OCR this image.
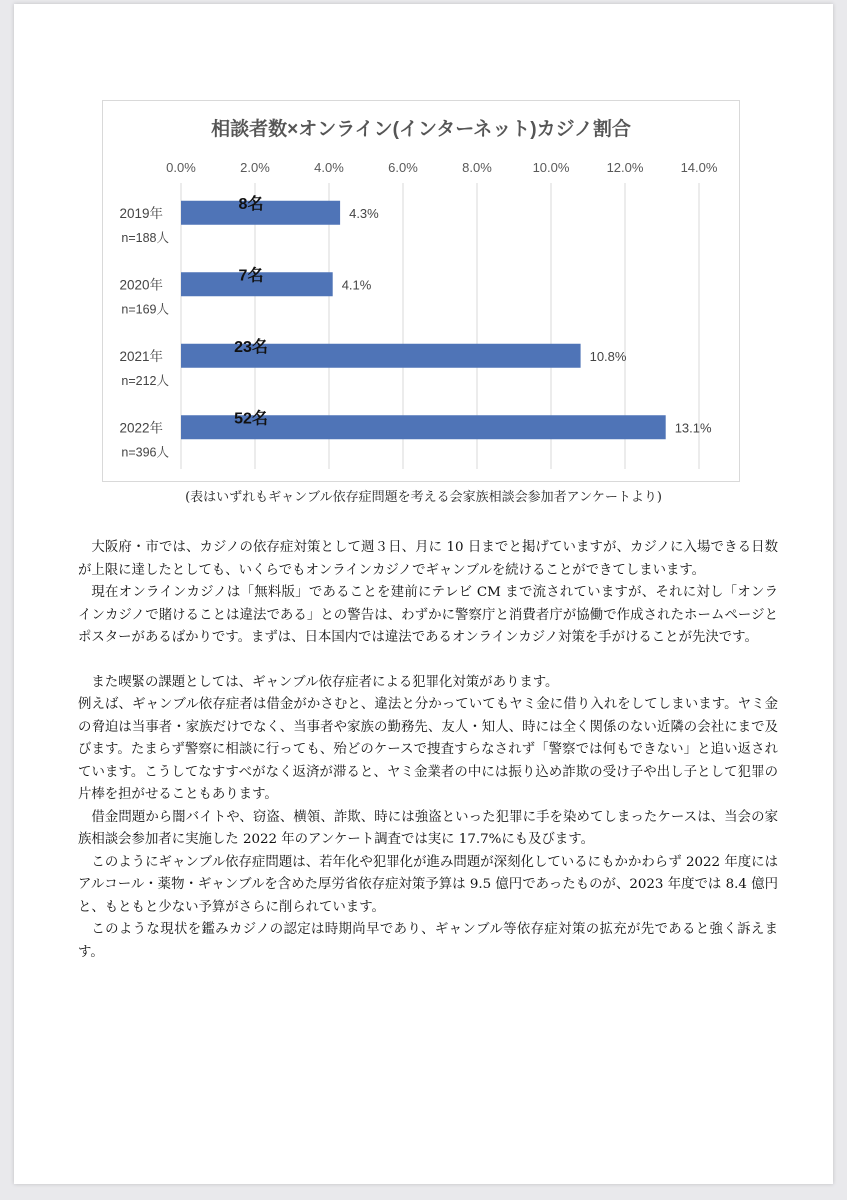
相談者数×オンライン(インターネット)カジノ割合
0.0%	2.0%	4.0%	6.0%	8.0%	10.0%	12.0%	14.0%
8名
4.3%
2019年
n=188人
7名
4.1%
2020年
n=169人
23名
10.8%
2021年
n=212人
52名
13.1%
2022年
n=396人
(表はいずれもギャンブル依存症問題を考える会家族相談会参加者アンケートより)

大阪府・市では、カジノの依存症対策として週３日、月に 10 日までと掲げていますが、カジノに入場できる日数が上限に達したとしても、いくらでもオンラインカジノでギャンブルを続けることができてしまいます。

現在オンラインカジノは「無料版」であることを建前にテレビ CM まで流されていますが、それに対し「オンラインカジノで賭けることは違法である」との警告は、わずかに警察庁と消費者庁が協働で作成されたホームページとポスターがあるばかりです。まずは、日本国内では違法であるオンラインカジノ対策を手がけることが先決です。

また喫緊の課題としては、ギャンブル依存症者による犯罪化対策があります。

例えば、ギャンブル依存症者は借金がかさむと、違法と分かっていてもヤミ金に借り入れをしてしまいます。ヤミ金の脅迫は当事者・家族だけでなく、当事者や家族の勤務先、友人・知人、時には全く関係のない近隣の会社にまで及びます。たまらず警察に相談に行っても、殆どのケースで捜査すらなされず「警察では何もできない」と追い返されています。こうしてなすすべがなく返済が滞ると、ヤミ金業者の中には振り込め詐欺の受け子や出し子として犯罪の片棒を担がせることもあります。

借金問題から闇バイトや、窃盗、横領、詐欺、時には強盗といった犯罪に手を染めてしまったケースは、当会の家族相談会参加者に実施した 2022 年のアンケート調査では実に 17.7%にも及びます。

このようにギャンブル依存症問題は、若年化や犯罪化が進み問題が深刻化しているにもかかわらず 2022 年度にはアルコール・薬物・ギャンブルを含めた厚労省依存症対策予算は 9.5 億円であったものが、2023 年度では 8.4 億円と、もともと少ない予算がさらに削られています。

このような現状を鑑みカジノの認定は時期尚早であり、ギャンブル等依存症対策の拡充が先であると強く訴えます。
